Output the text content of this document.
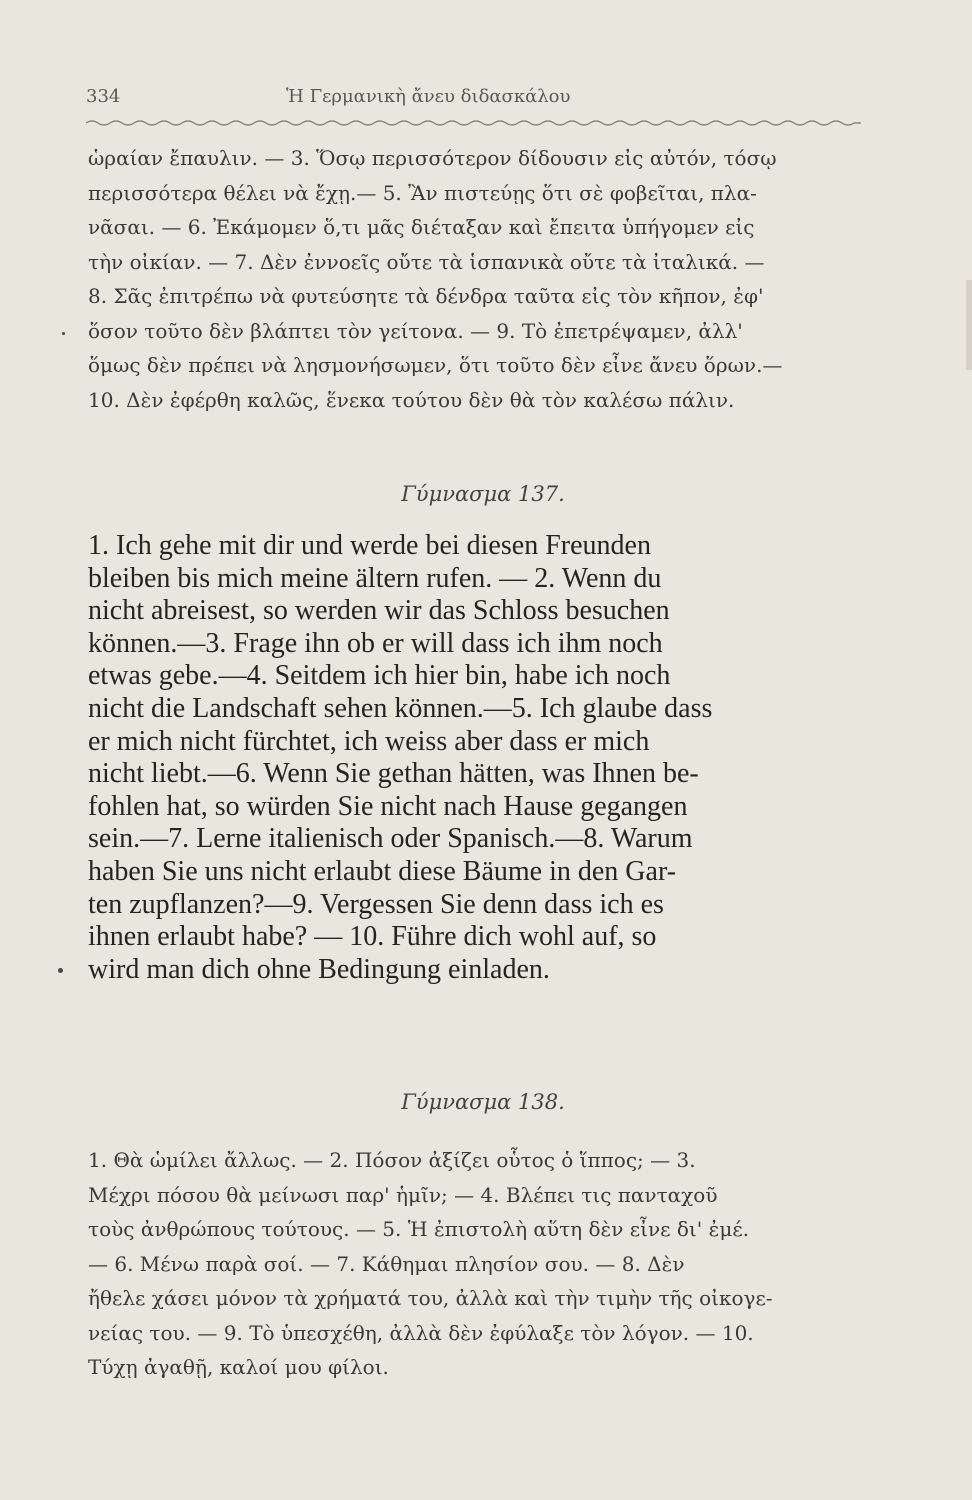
334	Ἡ Γερμανικὴ ἄνευ διδασκάλου

ὡραίαν ἔπαυλιν. — 3. Ὅσῳ περισσότερον δίδουσιν εἰς αὐτόν, τόσῳ

περισσότερα θέλει νὰ ἔχῃ.— 5. Ἂν πιστεύῃς ὅτι σὲ φοβεῖται, πλα-

νᾶσαι. — 6. Ἐκάμομεν ὅ,τι μᾶς διέταξαν καὶ ἔπειτα ὑπήγομεν εἰς

τὴν οἰκίαν. — 7. Δὲν ἐννοεῖς οὔτε τὰ ἱσπανικὰ οὔτε τὰ ἰταλικά. —

8. Σᾶς ἐπιτρέπω νὰ φυτεύσητε τὰ δένδρα ταῦτα εἰς τὸν κῆπον, ἐφ'

ὅσον τοῦτο δὲν βλάπτει τὸν γείτονα. — 9. Τὸ ἐπετρέψαμεν, ἀλλ'

ὅμως δὲν πρέπει νὰ λησμονήσωμεν, ὅτι τοῦτο δὲν εἶνε ἄνευ ὅρων.—

10. Δὲν ἐφέρθη καλῶς, ἕνεκα τούτου δὲν θὰ τὸν καλέσω πάλιν.

Γύμνασμα 137.

1. Ich gehe mit dir und werde bei diesen Freunden

bleiben bis mich meine ältern rufen. — 2. Wenn du

nicht abreisest, so werden wir das Schloss besuchen

können.—3. Frage ihn ob er will dass ich ihm noch

etwas gebe.—4. Seitdem ich hier bin, habe ich noch

nicht die Landschaft sehen können.—5. Ich glaube dass

er mich nicht fürchtet, ich weiss aber dass er mich

nicht liebt.—6. Wenn Sie gethan hätten, was Ihnen be-

fohlen hat, so würden Sie nicht nach Hause gegangen

sein.—7. Lerne italienisch oder Spanisch.—8. Warum

haben Sie uns nicht erlaubt diese Bäume in den Gar-

ten zupflanzen?—9. Vergessen Sie denn dass ich es

ihnen erlaubt habe? — 10. Führe dich wohl auf, so

wird man dich ohne Bedingung einladen.

Γύμνασμα 138.

1. Θὰ ὡμίλει ἄλλως. — 2. Πόσον ἀξίζει οὗτος ὁ ἵππος; — 3.

Μέχρι πόσου θὰ μείνωσι παρ' ἡμῖν; — 4. Βλέπει τις πανταχοῦ

τοὺς ἀνθρώπους τούτους. — 5. Ἡ ἐπιστολὴ αὕτη δὲν εἶνε δι' ἐμέ.

— 6. Μένω παρὰ σοί. — 7. Κάθημαι πλησίον σου. — 8. Δὲν

ἤθελε χάσει μόνον τὰ χρήματά του, ἀλλὰ καὶ τὴν τιμὴν τῆς οἰκογε-

νείας του. — 9. Τὸ ὑπεσχέθη, ἀλλὰ δὲν ἐφύλαξε τὸν λόγον. — 10.

Τύχῃ ἀγαθῇ, καλοί μου φίλοι.
